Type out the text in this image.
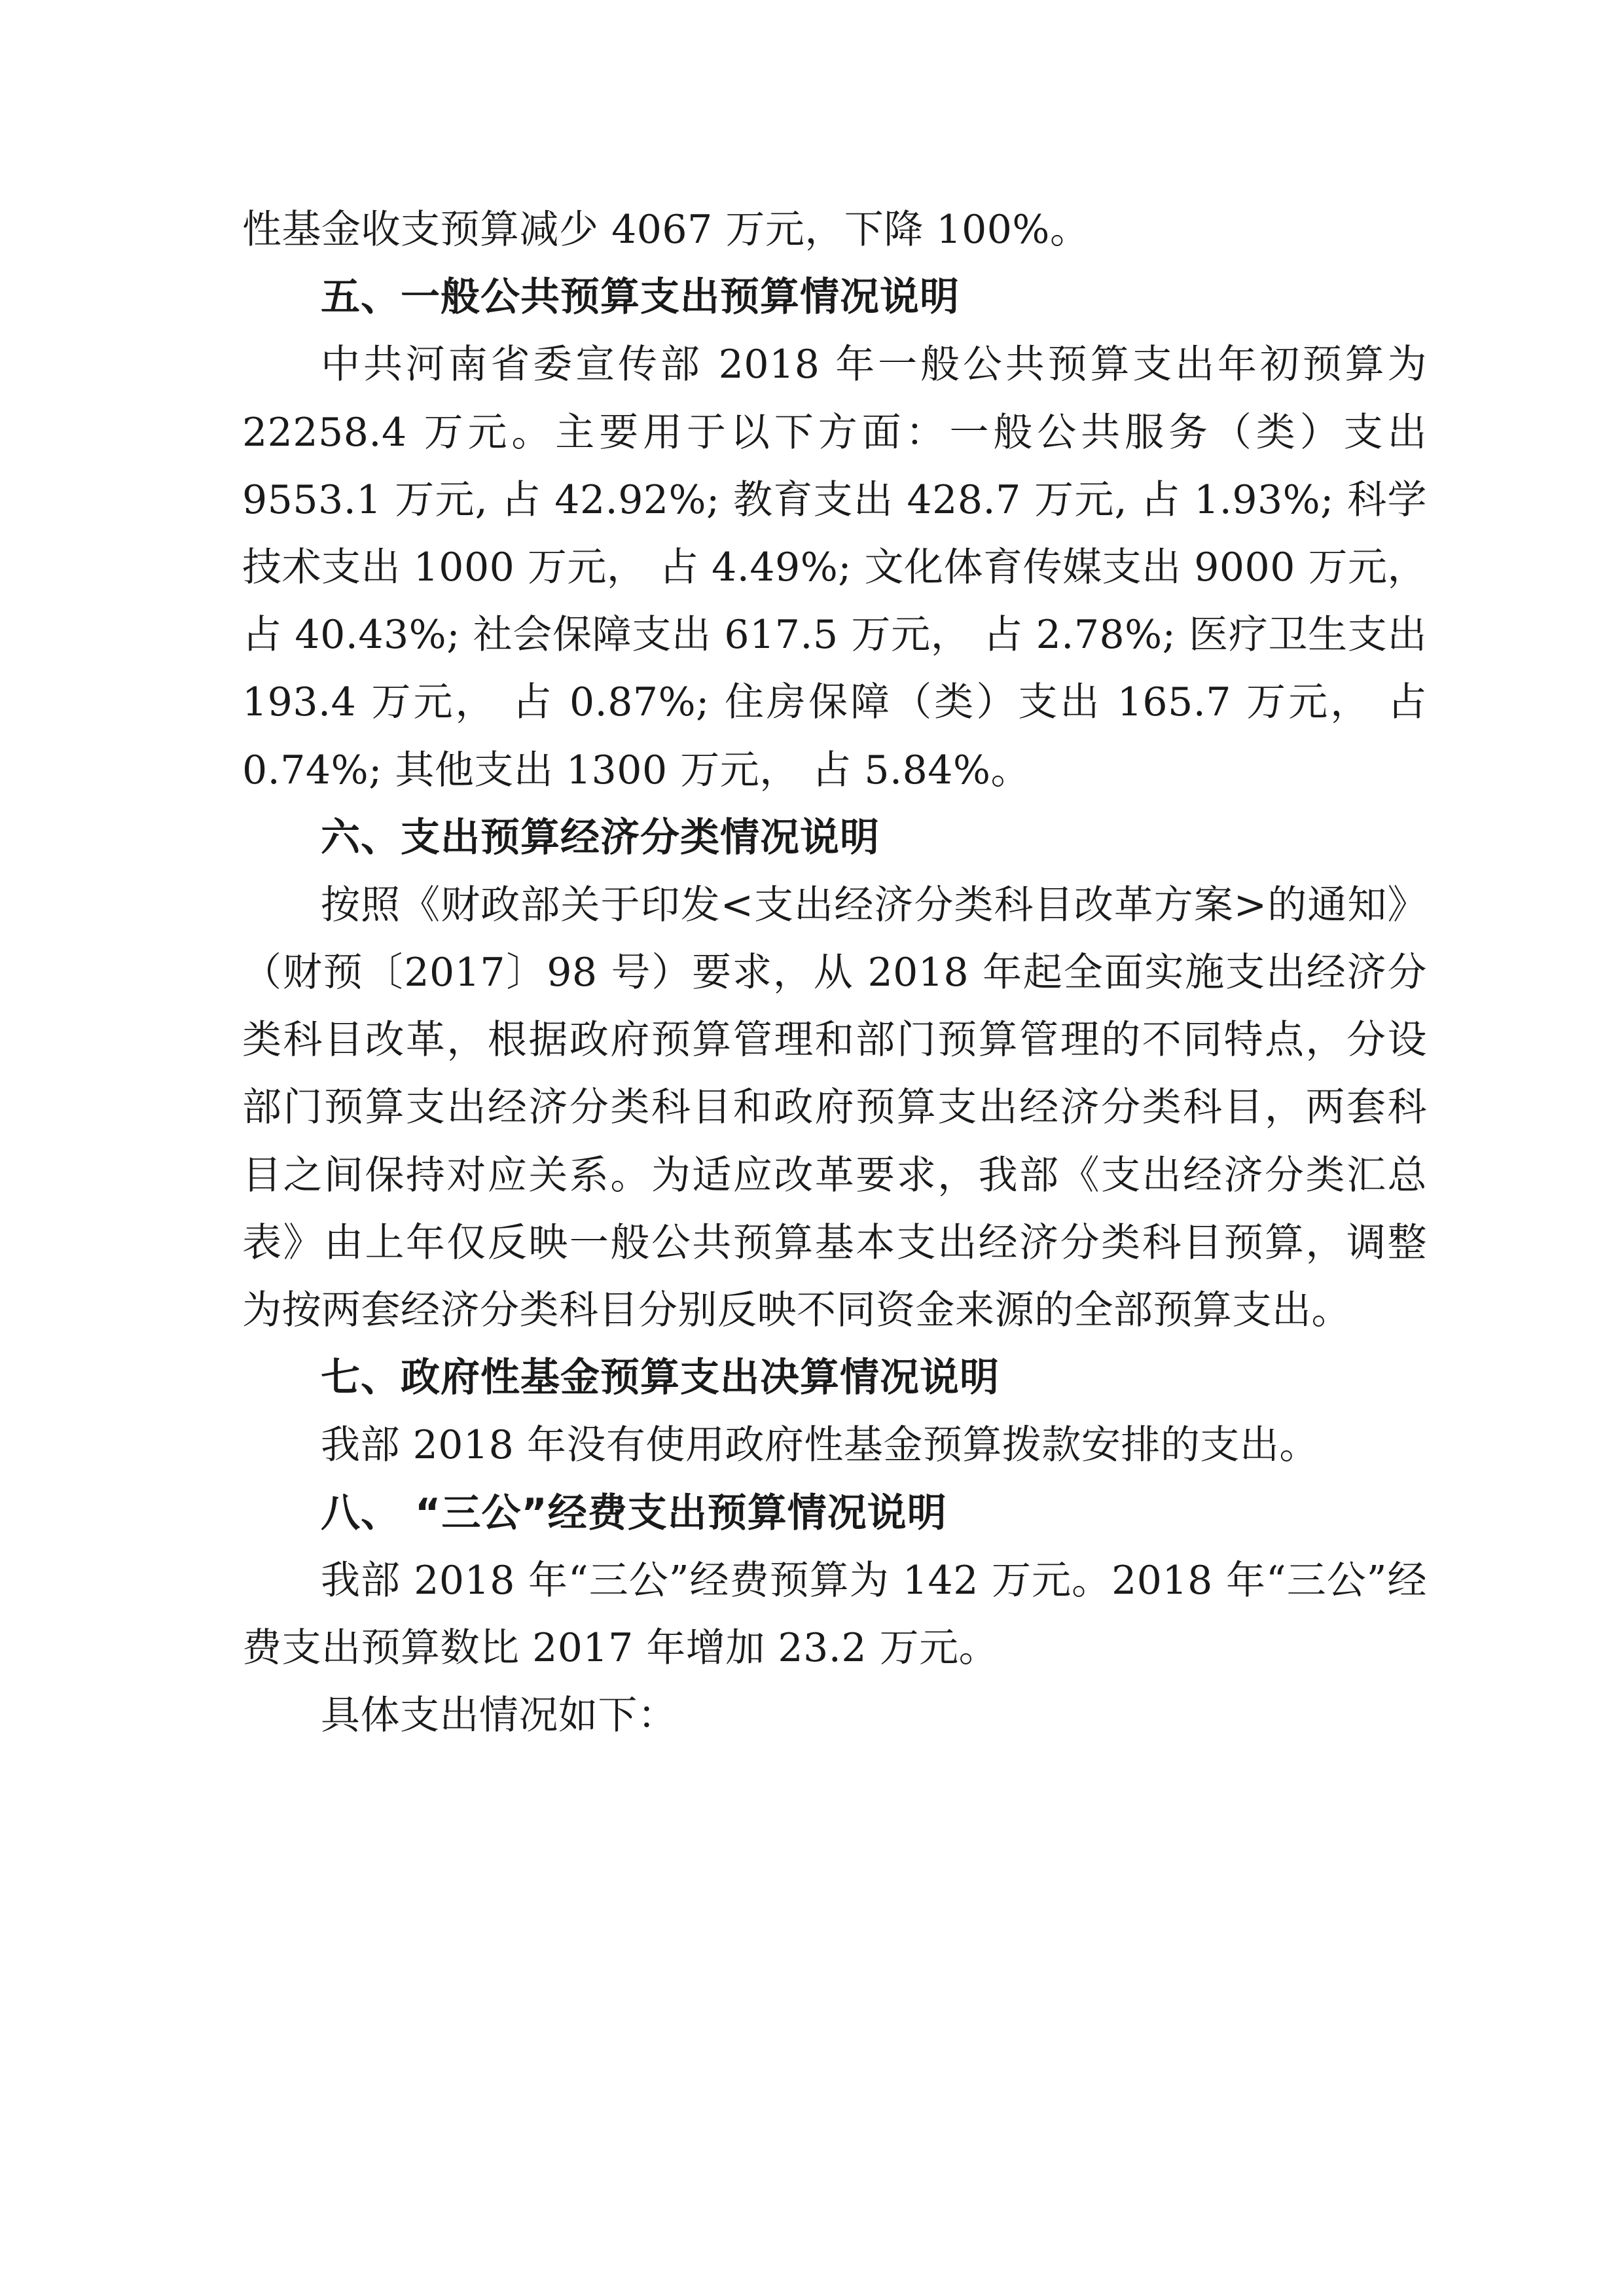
性基金收支预算减少 4067 万元，下降 100%。

五、一般公共预算支出预算情况说明

中共河南省委宣传部 2018 年一般公共预算支出年初预算为 22258.4 万元。主要用于以下方面：一般公共服务（类）支出 9553.1 万元, 占 42.92%; 教育支出 428.7 万元, 占 1.93%; 科学技术支出 1000 万元， 占 4.49%; 文化体育传媒支出 9000 万元， 占 40.43%; 社会保障支出 617.5 万元， 占 2.78%; 医疗卫生支出 193.4 万元， 占 0.87%; 住房保障（类）支出 165.7 万元， 占 0.74%; 其他支出 1300 万元， 占 5.84%。

六、支出预算经济分类情况说明

按照《财政部关于印发<支出经济分类科目改革方案>的通知》（财预〔2017〕98 号）要求，从 2018 年起全面实施支出经济分类科目改革，根据政府预算管理和部门预算管理的不同特点，分设部门预算支出经济分类科目和政府预算支出经济分类科目，两套科目之间保持对应关系。为适应改革要求，我部《支出经济分类汇总表》由上年仅反映一般公共预算基本支出经济分类科目预算，调整为按两套经济分类科目分别反映不同资金来源的全部预算支出。

七、政府性基金预算支出决算情况说明

我部 2018 年没有使用政府性基金预算拨款安排的支出。

八、 “三公”经费支出预算情况说明

我部 2018 年“三公”经费预算为 142 万元。2018 年“三公”经费支出预算数比 2017 年增加 23.2 万元。

具体支出情况如下：
